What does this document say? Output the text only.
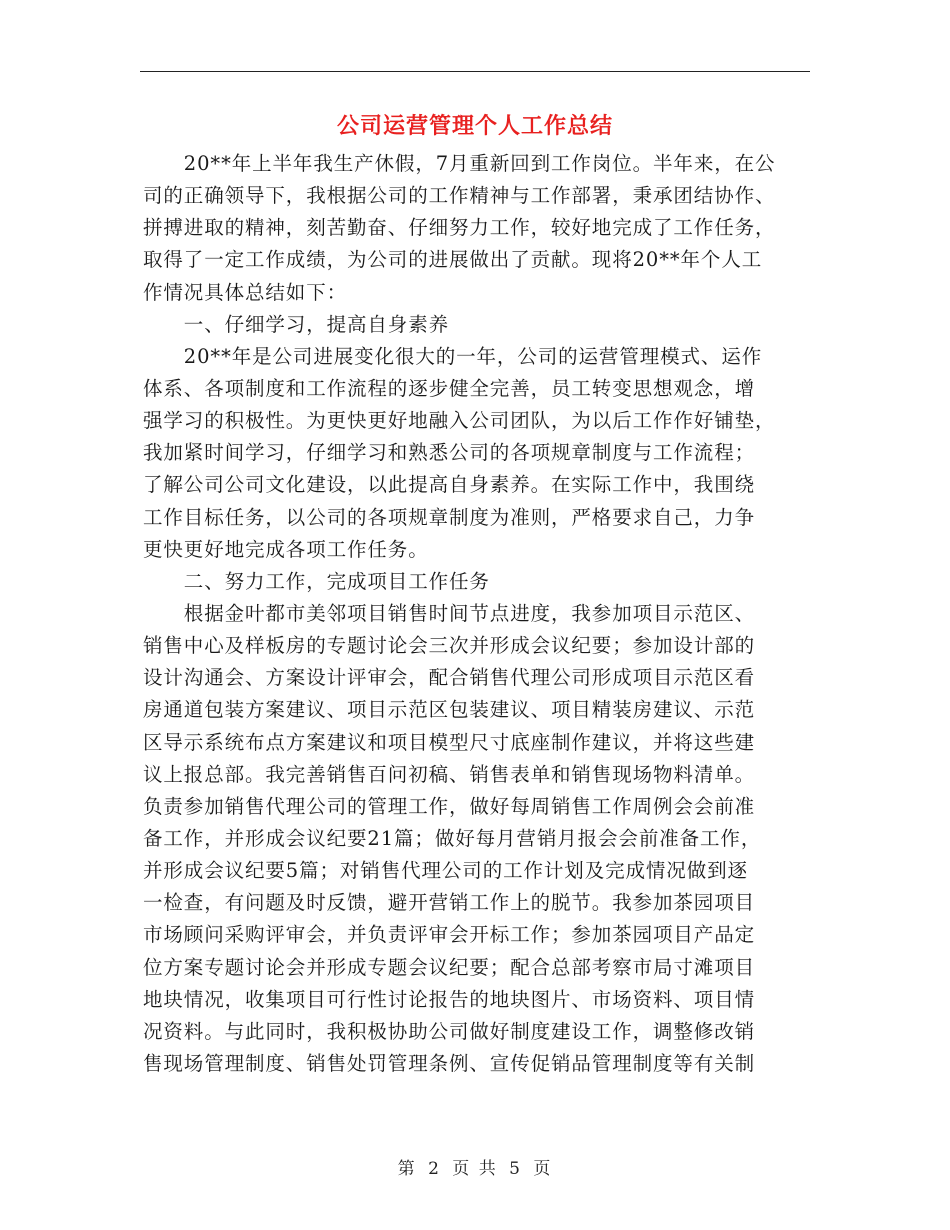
公司运营管理个人工作总结
　　20**年上半年我生产休假，7月重新回到工作岗位。半年来，在公
司的正确领导下，我根据公司的工作精神与工作部署，秉承团结协作、
拼搏进取的精神，刻苦勤奋、仔细努力工作，较好地完成了工作任务，
取得了一定工作成绩，为公司的进展做出了贡献。现将20**年个人工
作情况具体总结如下：
　　一、仔细学习，提高自身素养
　　20**年是公司进展变化很大的一年，公司的运营管理模式、运作
体系、各项制度和工作流程的逐步健全完善，员工转变思想观念，增
强学习的积极性。为更快更好地融入公司团队，为以后工作作好铺垫，
我加紧时间学习，仔细学习和熟悉公司的各项规章制度与工作流程；
了解公司公司文化建设，以此提高自身素养。在实际工作中，我围绕
工作目标任务，以公司的各项规章制度为准则，严格要求自己，力争
更快更好地完成各项工作任务。
　　二、努力工作，完成项目工作任务
　　根据金叶都市美邻项目销售时间节点进度，我参加项目示范区、
销售中心及样板房的专题讨论会三次并形成会议纪要；参加设计部的
设计沟通会、方案设计评审会，配合销售代理公司形成项目示范区看
房通道包装方案建议、项目示范区包装建议、项目精装房建议、示范
区导示系统布点方案建议和项目模型尺寸底座制作建议，并将这些建
议上报总部。我完善销售百问初稿、销售表单和销售现场物料清单。
负责参加销售代理公司的管理工作，做好每周销售工作周例会会前准
备工作，并形成会议纪要21篇；做好每月营销月报会会前准备工作，
并形成会议纪要5篇；对销售代理公司的工作计划及完成情况做到逐
一检查，有问题及时反馈，避开营销工作上的脱节。我参加茶园项目
市场顾问采购评审会，并负责评审会开标工作；参加茶园项目产品定
位方案专题讨论会并形成专题会议纪要；配合总部考察市局寸滩项目
地块情况，收集项目可行性讨论报告的地块图片、市场资料、项目情
况资料。与此同时，我积极协助公司做好制度建设工作，调整修改销
售现场管理制度、销售处罚管理条例、宣传促销品管理制度等有关制
第 2 页 共 5 页
